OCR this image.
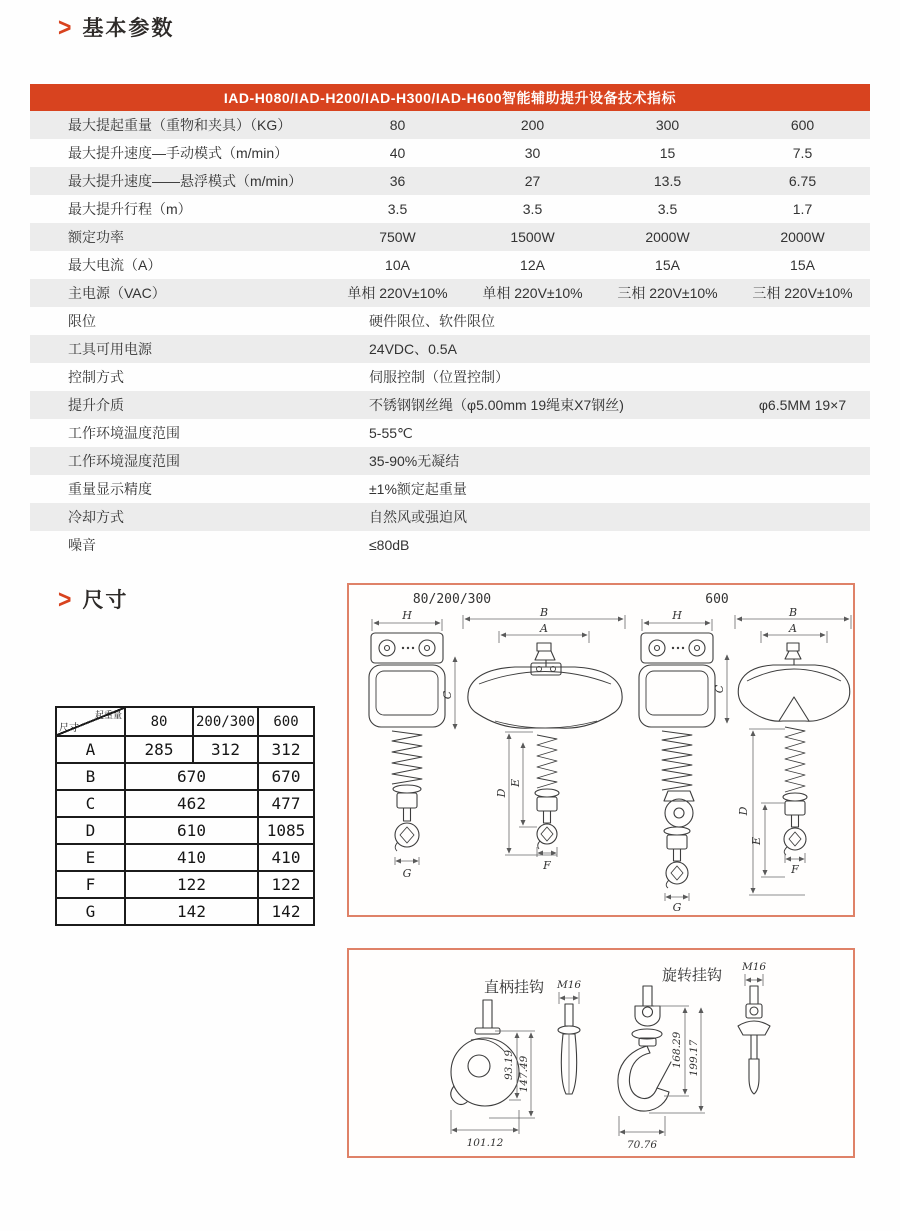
> 基本参数
IAD-H080/IAD-H200/IAD-H300/IAD-H600智能辅助提升设备技术指标				
最大提起重量（重物和夹具）（KG）	80	200	300	600
最大提升速度—手动模式（m/min）	40	30	15	7.5
最大提升速度——悬浮模式（m/min）	36	27	13.5	6.75
最大提升行程（m）	3.5	3.5	3.5	1.7
额定功率	750W	1500W	2000W	2000W
最大电流（A）	10A	12A	15A	15A
主电源（VAC）	单相 220V±10%	单相 220V±10%	三相 220V±10%	三相 220V±10%
限位	硬件限位、软件限位			
工具可用电源	24VDC、0.5A			
控制方式	伺服控制（位置控制）			
提升介质	不锈钢钢丝绳（φ5.00mm 19绳束X7钢丝)			φ6.5MM 19×7
工作环境温度范围	5-55℃			
工作环境湿度范围	35-90%无凝结			
重量显示精度	±1%额定起重量			
冷却方式	自然风或强迫风			
噪音	≤80dB			
> 尺寸
起重量
尺寸	80	200/300	600
A	285	312	312
B	670		670
C	462		477
D	610		1085
E	410		410
F	122		122
G	142		142
80/200/300	600
H
G
B
A
C
D
E
F
H
G
B
A
C
D
E
F
直柄挂钩
旋转挂钩
93.19 147.49
101.12
M16
168.29 199.17
70.76
M16
